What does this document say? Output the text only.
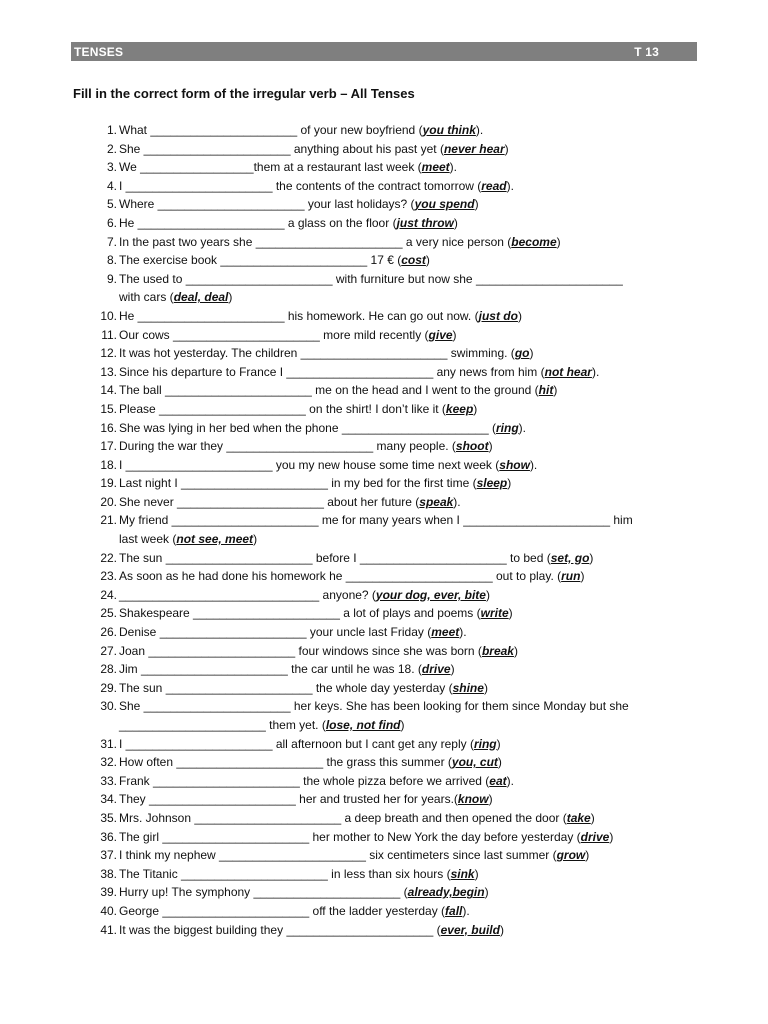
TENSES	T 13
Fill in the correct form of the irregular verb – All Tenses
1. What ______________________ of your new boyfriend (you think).
2. She ______________________ anything about his past yet (never hear)
3. We _________________them at a restaurant last week (meet).
4. I ______________________ the contents of the contract tomorrow (read).
5. Where ______________________ your last holidays? (you spend)
6. He ______________________ a glass on the floor (just throw)
7. In the past two years she ______________________ a very nice person (become)
8. The exercise book ______________________ 17 € (cost)
9. The used to ______________________ with furniture but now she ______________________
with cars (deal, deal)
10. He ______________________ his homework. He can go out now. (just do)
11. Our cows ______________________ more mild recently (give)
12. It was hot yesterday. The children ______________________ swimming. (go)
13. Since his departure to France I ______________________ any news from him (not hear).
14. The ball ______________________ me on the head and I went to the ground (hit)
15. Please ______________________ on the shirt! I don’t like it (keep)
16. She was lying in her bed when the phone ______________________ (ring).
17. During the war they ______________________ many people. (shoot)
18. I ______________________ you my new house some time next week (show).
19. Last night I ______________________ in my bed for the first time (sleep)
20. She never ______________________ about her future (speak).
21. My friend ______________________ me for many years when I ______________________ him
last week (not see, meet)
22. The sun ______________________ before I ______________________ to bed (set, go)
23. As soon as he had done his homework he ______________________ out to play. (run)
24. ______________________________ anyone? (your dog, ever, bite)
25. Shakespeare ______________________ a lot of plays and poems (write)
26. Denise ______________________ your uncle last Friday (meet).
27. Joan ______________________ four windows since she was born (break)
28. Jim ______________________ the car until he was 18. (drive)
29. The sun ______________________ the whole day yesterday (shine)
30. She ______________________ her keys. She has been looking for them since Monday but she
______________________ them yet. (lose, not find)
31. I ______________________ all afternoon but I cant get any reply (ring)
32. How often ______________________ the grass this summer (you, cut)
33. Frank ______________________ the whole pizza before we arrived (eat).
34. They ______________________ her and trusted her for years.(know)
35. Mrs. Johnson ______________________ a deep breath and then opened the door (take)
36. The girl ______________________ her mother to New York the day before yesterday (drive)
37. I think my nephew ______________________ six centimeters since last summer (grow)
38. The Titanic ______________________ in less than six hours (sink)
39. Hurry up! The symphony ______________________ (already,begin)
40. George ______________________ off the ladder yesterday (fall).
41. It was the biggest building they ______________________ (ever, build)
